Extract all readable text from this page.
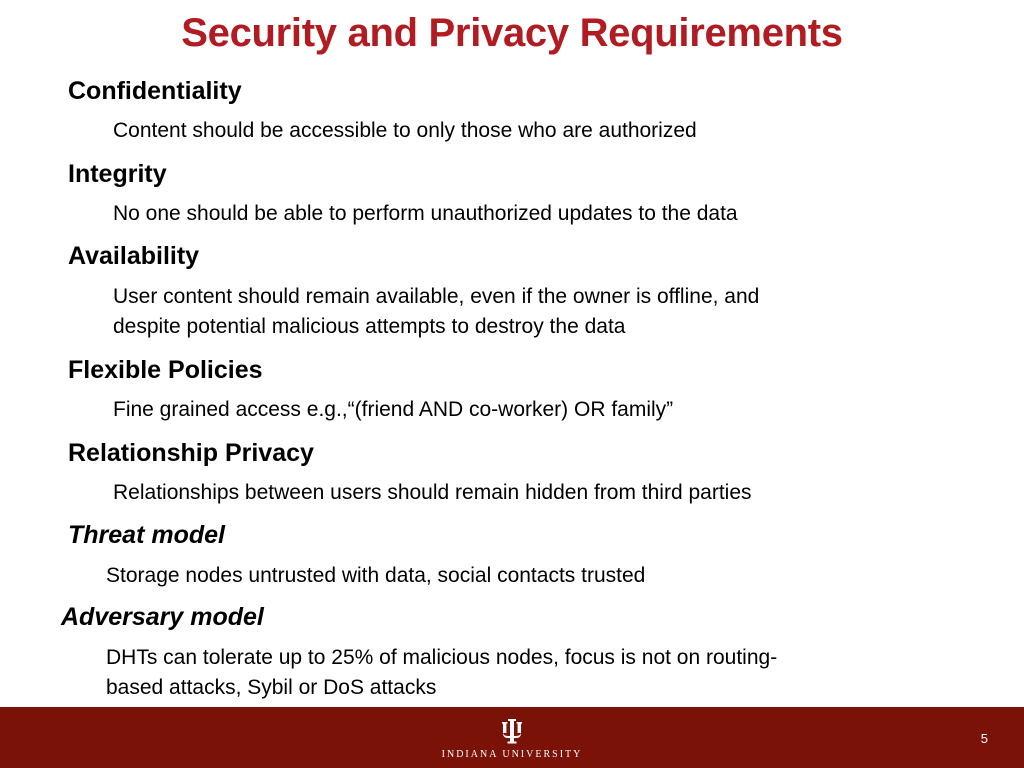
Security and Privacy Requirements
Confidentiality
Content should be accessible to only those who are authorized
Integrity
No one should be able to perform unauthorized updates to the data
Availability
User content should remain available, even if the owner is offline, and
despite potential malicious attempts to destroy the data
Flexible Policies
Fine grained access e.g.,“(friend AND co-worker) OR family”
Relationship Privacy
Relationships between users should remain hidden from third parties
Threat model
Storage nodes untrusted with data, social contacts trusted
Adversary model
DHTs can tolerate up to 25% of malicious nodes, focus is not on routing-
based attacks, Sybil or DoS attacks
INDIANA UNIVERSITY
5
